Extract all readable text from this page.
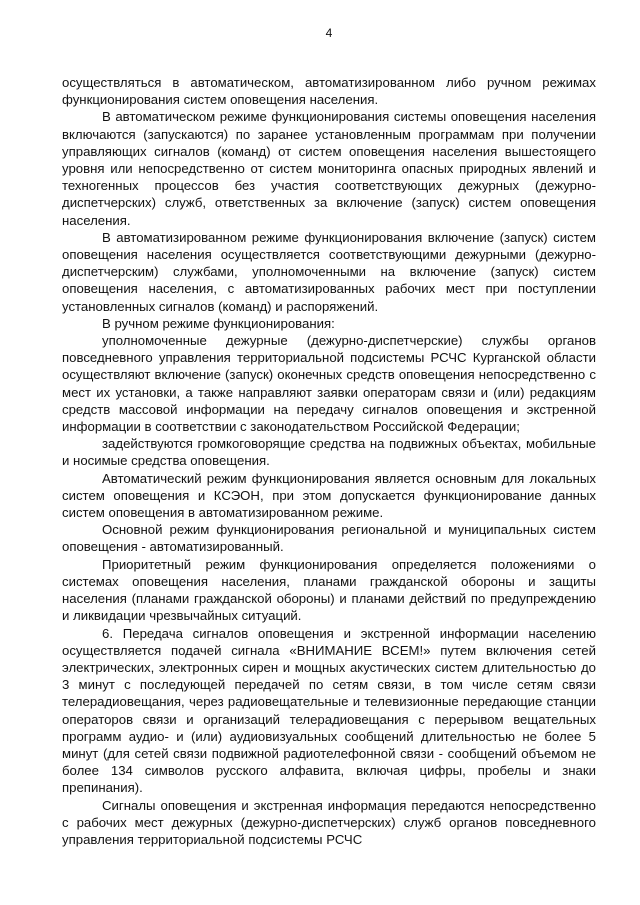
4

осуществляться в автоматическом, автоматизированном либо ручном режимах функционирования систем оповещения населения.

В автоматическом режиме функционирования системы оповещения населения включаются (запускаются) по заранее установленным программам при получении управляющих сигналов (команд) от систем оповещения населения вышестоящего уровня или непосредственно от систем мониторинга опасных природных явлений и техногенных процессов без участия соответствующих дежурных (дежурно-диспетчерских) служб, ответственных за включение (запуск) систем оповещения населения.

В автоматизированном режиме функционирования включение (запуск) систем оповещения населения осуществляется соответствующими дежурными (дежурно-диспетчерским) службами, уполномоченными на включение (запуск) систем оповещения населения, с автоматизированных рабочих мест при поступлении установленных сигналов (команд) и распоряжений.

В ручном режиме функционирования:

уполномоченные дежурные (дежурно-диспетчерские) службы органов повседневного управления территориальной подсистемы РСЧС Курганской области осуществляют включение (запуск) оконечных средств оповещения непосредственно с мест их установки, а также направляют заявки операторам связи и (или) редакциям средств массовой информации на передачу сигналов оповещения и экстренной информации в соответствии с законодательством Российской Федерации;

задействуются громкоговорящие средства на подвижных объектах, мобильные и носимые средства оповещения.

Автоматический режим функционирования является основным для локальных систем оповещения и КСЭОН, при этом допускается функционирование данных систем оповещения в автоматизированном режиме.

Основной режим функционирования региональной и муниципальных систем оповещения - автоматизированный.

Приоритетный режим функционирования определяется положениями о системах оповещения населения, планами гражданской обороны и защиты населения (планами гражданской обороны) и планами действий по предупреждению и ликвидации чрезвычайных ситуаций.

6. Передача сигналов оповещения и экстренной информации населению осуществляется подачей сигнала «ВНИМАНИЕ ВСЕМ!» путем включения сетей электрических, электронных сирен и мощных акустических систем длительностью до 3 минут с последующей передачей по сетям связи, в том числе сетям связи телерадиовещания, через радиовещательные и телевизионные передающие станции операторов связи и организаций телерадиовещания с перерывом вещательных программ аудио- и (или) аудиовизуальных сообщений длительностью не более 5 минут (для сетей связи подвижной радиотелефонной связи - сообщений объемом не более 134 символов русского алфавита, включая цифры, пробелы и знаки препинания).

Сигналы оповещения и экстренная информация передаются непосредственно с рабочих мест дежурных (дежурно-диспетчерских) служб органов повседневного управления территориальной подсистемы РСЧС
